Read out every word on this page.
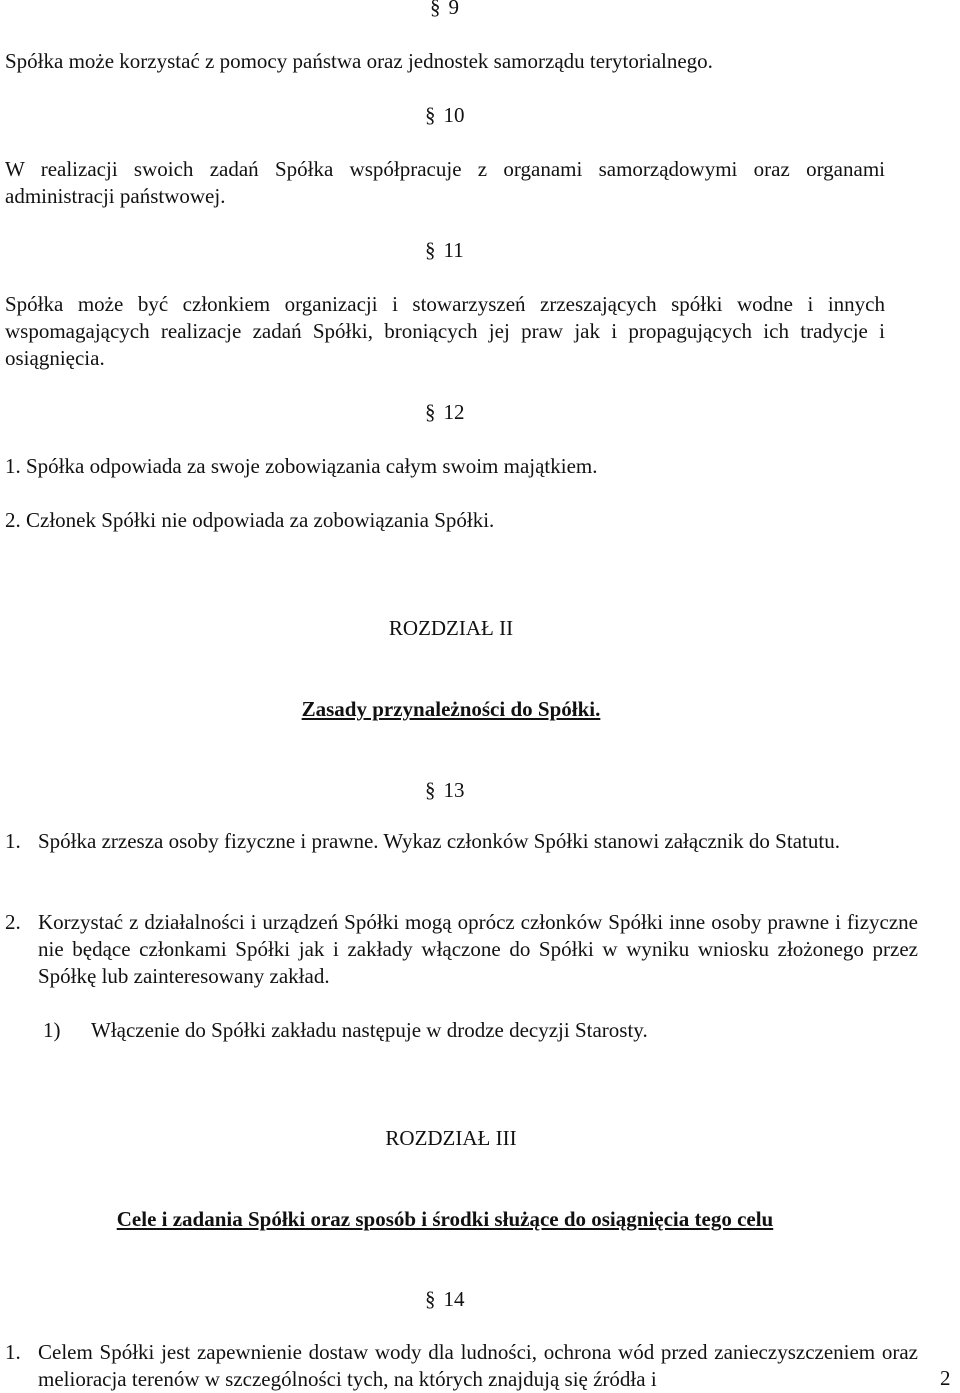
§ 9

Spółka może korzystać z pomocy państwa oraz jednostek samorządu terytorialnego.

§ 10

W realizacji swoich zadań Spółka współpracuje z organami samorządowymi oraz organami administracji państwowej.

§ 11

Spółka może być członkiem organizacji i stowarzyszeń zrzeszających spółki wodne i innych wspomagających realizacje zadań Spółki, broniących jej praw jak i propagujących ich tradycje i osiągnięcia.

§ 12

1. Spółka odpowiada za swoje zobowiązania całym swoim majątkiem.

2. Członek Spółki nie odpowiada za zobowiązania Spółki.

ROZDZIAŁ II
Zasady przynależności do Spółki.
§ 13

1. Spółka zrzesza osoby fizyczne i prawne. Wykaz członków Spółki stanowi załącznik do Statutu.

2. Korzystać z działalności i urządzeń Spółki mogą oprócz członków Spółki inne osoby prawne i fizyczne nie będące członkami Spółki jak i zakłady włączone do Spółki w wyniku wniosku złożonego przez Spółkę lub zainteresowany zakład.

1) Włączenie do Spółki zakładu następuje w drodze decyzji Starosty.

ROZDZIAŁ III
Cele i zadania Spółki oraz sposób i środki służące do osiągnięcia tego celu
§ 14

1. Celem Spółki jest zapewnienie dostaw wody dla ludności, ochrona wód przed zanieczyszczeniem oraz melioracja terenów w szczególności tych, na których znajdują się źródła i	2
